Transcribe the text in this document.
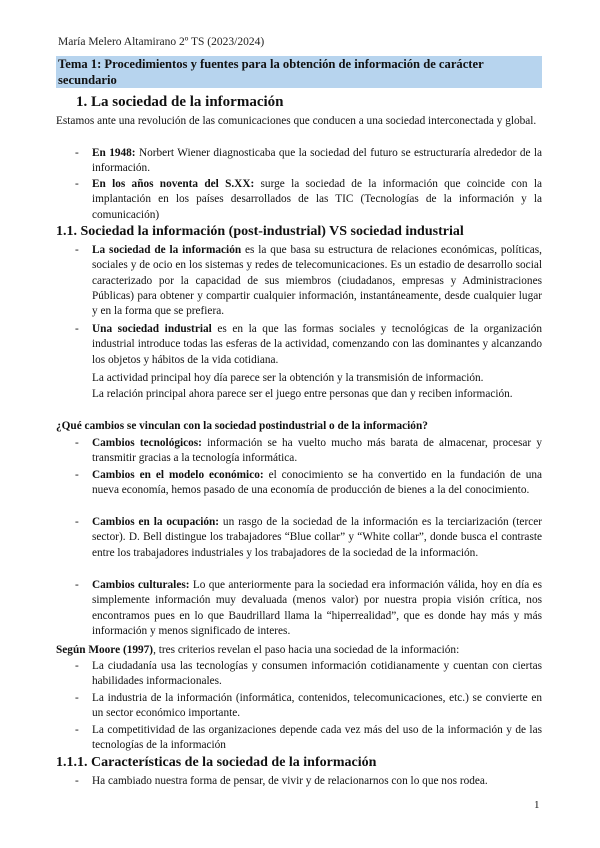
María Melero Altamirano 2º TS (2023/2024)
Tema 1: Procedimientos y fuentes para la obtención de información de carácter
secundario
1. La sociedad de la información
Estamos ante una revolución de las comunicaciones que conducen a una sociedad interconectada y global.
- En 1948: Norbert Wiener diagnosticaba que la sociedad del futuro se estructuraría alrededor de la información.
- En los años noventa del S.XX: surge la sociedad de la información que coincide con la implantación en los países desarrollados de las TIC (Tecnologías de la información y la comunicación)
1.1. Sociedad la información (post-industrial) VS sociedad industrial
- La sociedad de la información es la que basa su estructura de relaciones económicas, políticas, sociales y de ocio en los sistemas y redes de telecomunicaciones. Es un estadio de desarrollo social caracterizado por la capacidad de sus miembros (ciudadanos, empresas y Administraciones Públicas) para obtener y compartir cualquier información, instantáneamente, desde cualquier lugar y en la forma que se prefiera.
- Una sociedad industrial es en la que las formas sociales y tecnológicas de la organización industrial introduce todas las esferas de la actividad, comenzando con las dominantes y alcanzando los objetos y hábitos de la vida cotidiana.
La actividad principal hoy día parece ser la obtención y la transmisión de información.
La relación principal ahora parece ser el juego entre personas que dan y reciben información.
¿Qué cambios se vinculan con la sociedad postindustrial o de la información?
- Cambios tecnológicos: información se ha vuelto mucho más barata de almacenar, procesar y transmitir gracias a la tecnología informática.
- Cambios en el modelo económico: el conocimiento se ha convertido en la fundación de una nueva economía, hemos pasado de una economía de producción de bienes a la del conocimiento.
- Cambios en la ocupación: un rasgo de la sociedad de la información es la terciarización (tercer sector). D. Bell distingue los trabajadores “Blue collar” y “White collar”, donde busca el contraste entre los trabajadores industriales y los trabajadores de la sociedad de la información.
- Cambios culturales: Lo que anteriormente para la sociedad era información válida, hoy en día es simplemente información muy devaluada (menos valor) por nuestra propia visión crítica, nos encontramos pues en lo que Baudrillard llama la “hiperrealidad”, que es donde hay más y más información y menos significado de interes.
Según Moore (1997), tres criterios revelan el paso hacia una sociedad de la información:
- La ciudadanía usa las tecnologías y consumen información cotidianamente y cuentan con ciertas habilidades informacionales.
- La industria de la información (informática, contenidos, telecomunicaciones, etc.) se convierte en un sector económico importante.
- La competitividad de las organizaciones depende cada vez más del uso de la información y de las tecnologías de la información
1.1.1. Características de la sociedad de la información
- Ha cambiado nuestra forma de pensar, de vivir y de relacionarnos con lo que nos rodea.
1
